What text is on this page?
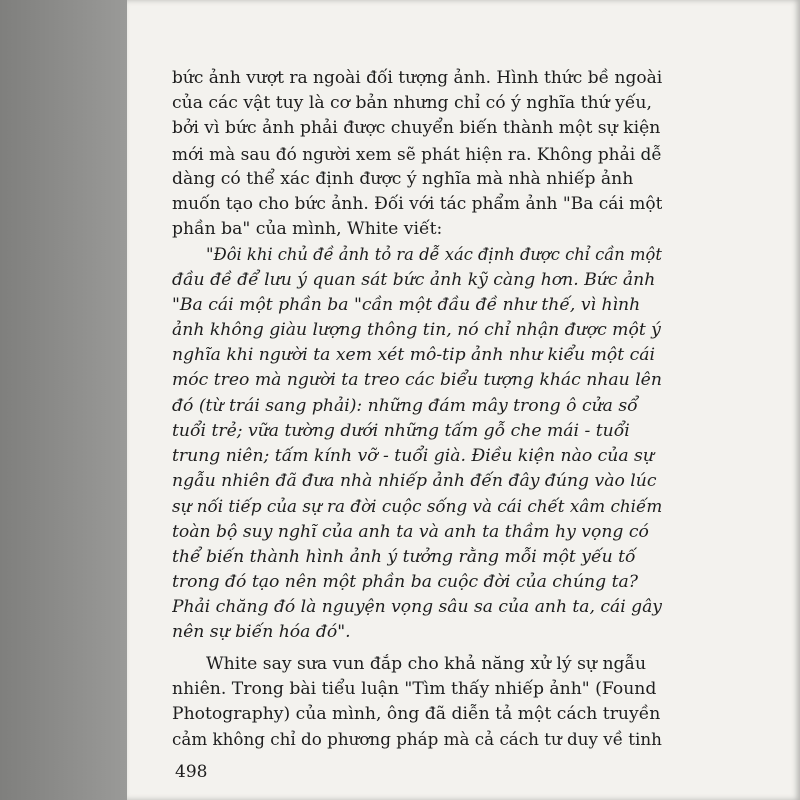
bức ảnh vượt ra ngoài đối tượng ảnh. Hình thức bề ngoài
của các vật tuy là cơ bản nhưng chỉ có ý nghĩa thứ yếu,
bởi vì bức ảnh phải được chuyển biến thành một sự kiện
mới mà sau đó người xem sẽ phát hiện ra. Không phải dễ
dàng có thể xác định được ý nghĩa mà nhà nhiếp ảnh
muốn tạo cho bức ảnh. Đối với tác phẩm ảnh "Ba cái một
phần ba" của mình, White viết:
"Đôi khi chủ đề ảnh tỏ ra dễ xác định được chỉ cần một
đầu đề để lưu ý quan sát bức ảnh kỹ càng hơn. Bức ảnh
"Ba cái một phần ba "cần một đầu đề như thế, vì hình
ảnh không giàu lượng thông tin, nó chỉ nhận được một ý
nghĩa khi người ta xem xét mô-tip ảnh như kiểu một cái
móc treo mà người ta treo các biểu tượng khác nhau lên
đó (từ trái sang phải): những đám mây trong ô cửa sổ
tuổi trẻ; vữa tường dưới những tấm gỗ che mái - tuổi
trung niên; tấm kính vỡ - tuổi già. Điều kiện nào của sự
ngẫu nhiên đã đưa nhà nhiếp ảnh đến đây đúng vào lúc
sự nối tiếp của sự ra đời cuộc sống và cái chết xâm chiếm
toàn bộ suy nghĩ của anh ta và anh ta thầm hy vọng có
thể biến thành hình ảnh ý tưởng rằng mỗi một yếu tố
trong đó tạo nên một phần ba cuộc đời của chúng ta?
Phải chăng đó là nguyện vọng sâu sa của anh ta, cái gây
nên sự biến hóa đó".
White say sưa vun đắp cho khả năng xử lý sự ngẫu
nhiên. Trong bài tiểu luận "Tìm thấy nhiếp ảnh" (Found
Photography) của mình, ông đã diễn tả một cách truyền
cảm không chỉ do phương pháp mà cả cách tư duy về tinh
498
